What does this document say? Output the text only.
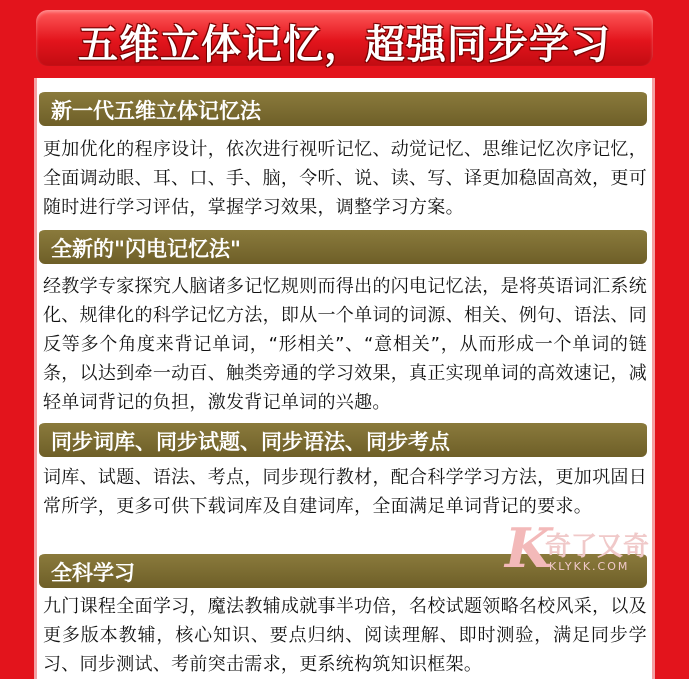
五维立体记忆，超强同步学习
新一代五维立体记忆法
更加优化的程序设计，依次进行视听记忆、动觉记忆、思维记忆次序记忆，全面调动眼、耳、口、手、脑，令听、说、读、写、译更加稳固高效，更可随时进行学习评估，掌握学习效果，调整学习方案。
全新的"闪电记忆法"
经教学专家探究人脑诸多记忆规则而得出的闪电记忆法，是将英语词汇系统化、规律化的科学记忆方法，即从一个单词的词源、相关、例句、语法、同反等多个角度来背记单词，“形相关”、“意相关”，从而形成一个单词的链条，以达到牵一动百、触类旁通的学习效果，真正实现单词的高效速记，减轻单词背记的负担，激发背记单词的兴趣。
同步词库、同步试题、同步语法、同步考点
词库、试题、语法、考点，同步现行教材，配合科学学习方法，更加巩固日常所学，更多可供下载词库及自建词库，全面满足单词背记的要求。
全科学习
九门课程全面学习，魔法教辅成就事半功倍，名校试题领略名校风采，以及更多版本教辅，核心知识、要点归纳、阅读理解、即时测验，满足同步学习、同步测试、考前突击需求，更系统构筑知识框架。
K
奇了又奇
KLYKK.COM
